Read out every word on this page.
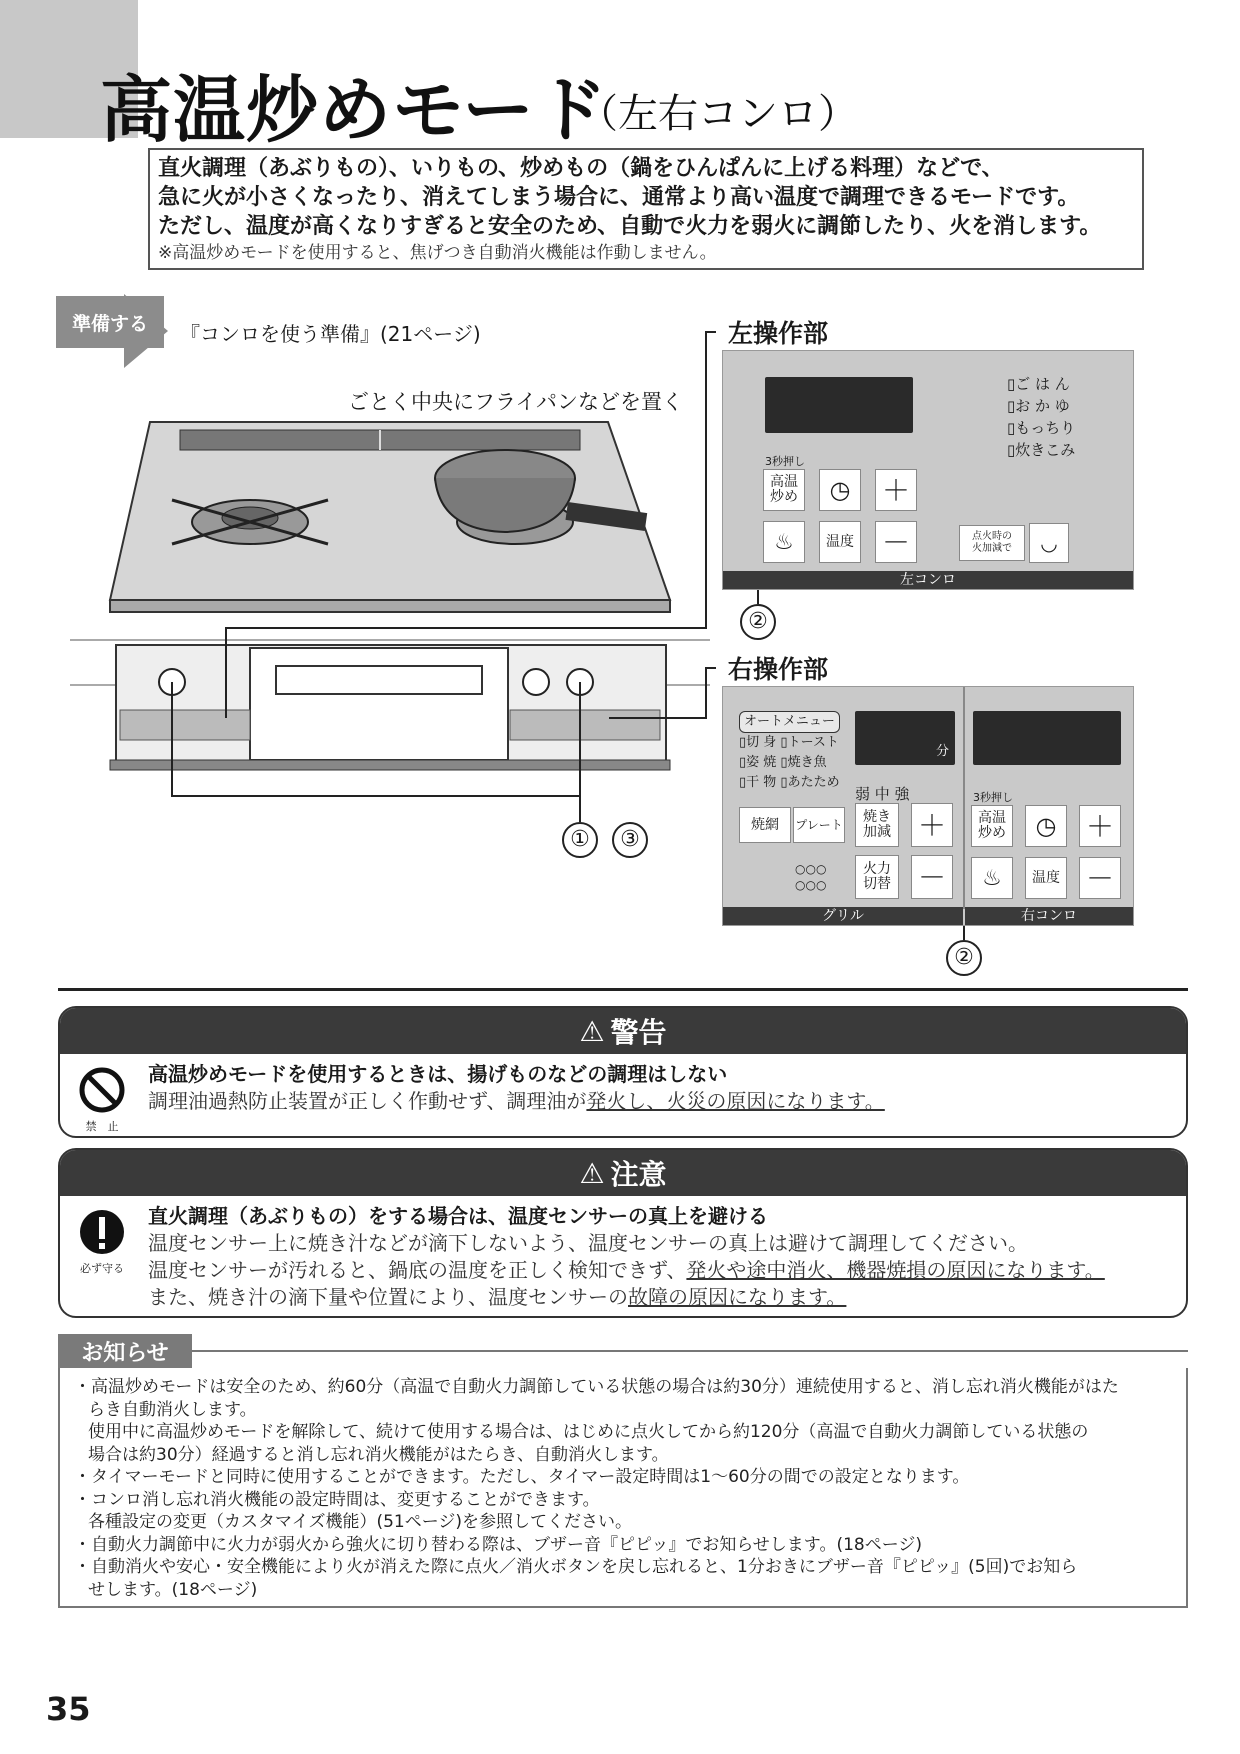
高温炒めモード
（左右コンロ）
直火調理（あぶりもの）、いりもの、炒めもの（鍋をひんぱんに上げる料理）などで、
急に火が小さくなったり、消えてしまう場合に、通常より高い温度で調理できるモードです。
ただし、温度が高くなりすぎると安全のため、自動で火力を弱火に調節したり、火を消します。
※高温炒めモードを使用すると、焦げつき自動消火機能は作動しません。
準備する 『コンロを使う準備』(21ページ)
ごとく中央にフライパンなどを置く
左操作部
▯ご は ん
▯お か ゆ
▯もっちり
▯炊きこみ
3秒押し
高温
炒め ◷ ＋
♨	温度 －	点火時の
火加減で	◡
左コンロ
②
①	③
右操作部
オートメニュー
▯切 身 ▯トースト
▯姿 焼 ▯焼き魚
▯干 物 ▯あたため
分
弱 中 強
焼網	プレート	焼き
加減 ＋
○○○
○○○
火力
切替 －
3秒押し
高温
炒め ◷ ＋
♨	温度 －
グリル	右コンロ
②
⚠ 警告
禁　止
高温炒めモードを使用するときは、揚げものなどの調理はしない
調理油過熱防止装置が正しく作動せず、調理油が発火し、火災の原因になります。
⚠ 注意
必ず守る
直火調理（あぶりもの）をする場合は、温度センサーの真上を避ける
温度センサー上に焼き汁などが滴下しないよう、温度センサーの真上は避けて調理してください。
温度センサーが汚れると、鍋底の温度を正しく検知できず、発火や途中消火、機器焼損の原因になります。
また、焼き汁の滴下量や位置により、温度センサーの故障の原因になります。
お知らせ
・高温炒めモードは安全のため、約60分（高温で自動火力調節している状態の場合は約30分）連続使用すると、消し忘れ消火機能がはた
らき自動消火します。
使用中に高温炒めモードを解除して、続けて使用する場合は、はじめに点火してから約120分（高温で自動火力調節している状態の
場合は約30分）経過すると消し忘れ消火機能がはたらき、自動消火します。
・タイマーモードと同時に使用することができます。ただし、タイマー設定時間は1〜60分の間での設定となります。
・コンロ消し忘れ消火機能の設定時間は、変更することができます。
各種設定の変更（カスタマイズ機能）(51ページ)を参照してください。
・自動火力調節中に火力が弱火から強火に切り替わる際は、ブザー音『ピピッ』でお知らせします。(18ページ)
・自動消火や安心・安全機能により火が消えた際に点火／消火ボタンを戻し忘れると、1分おきにブザー音『ピピッ』(5回)でお知ら
せします。(18ページ)
35
